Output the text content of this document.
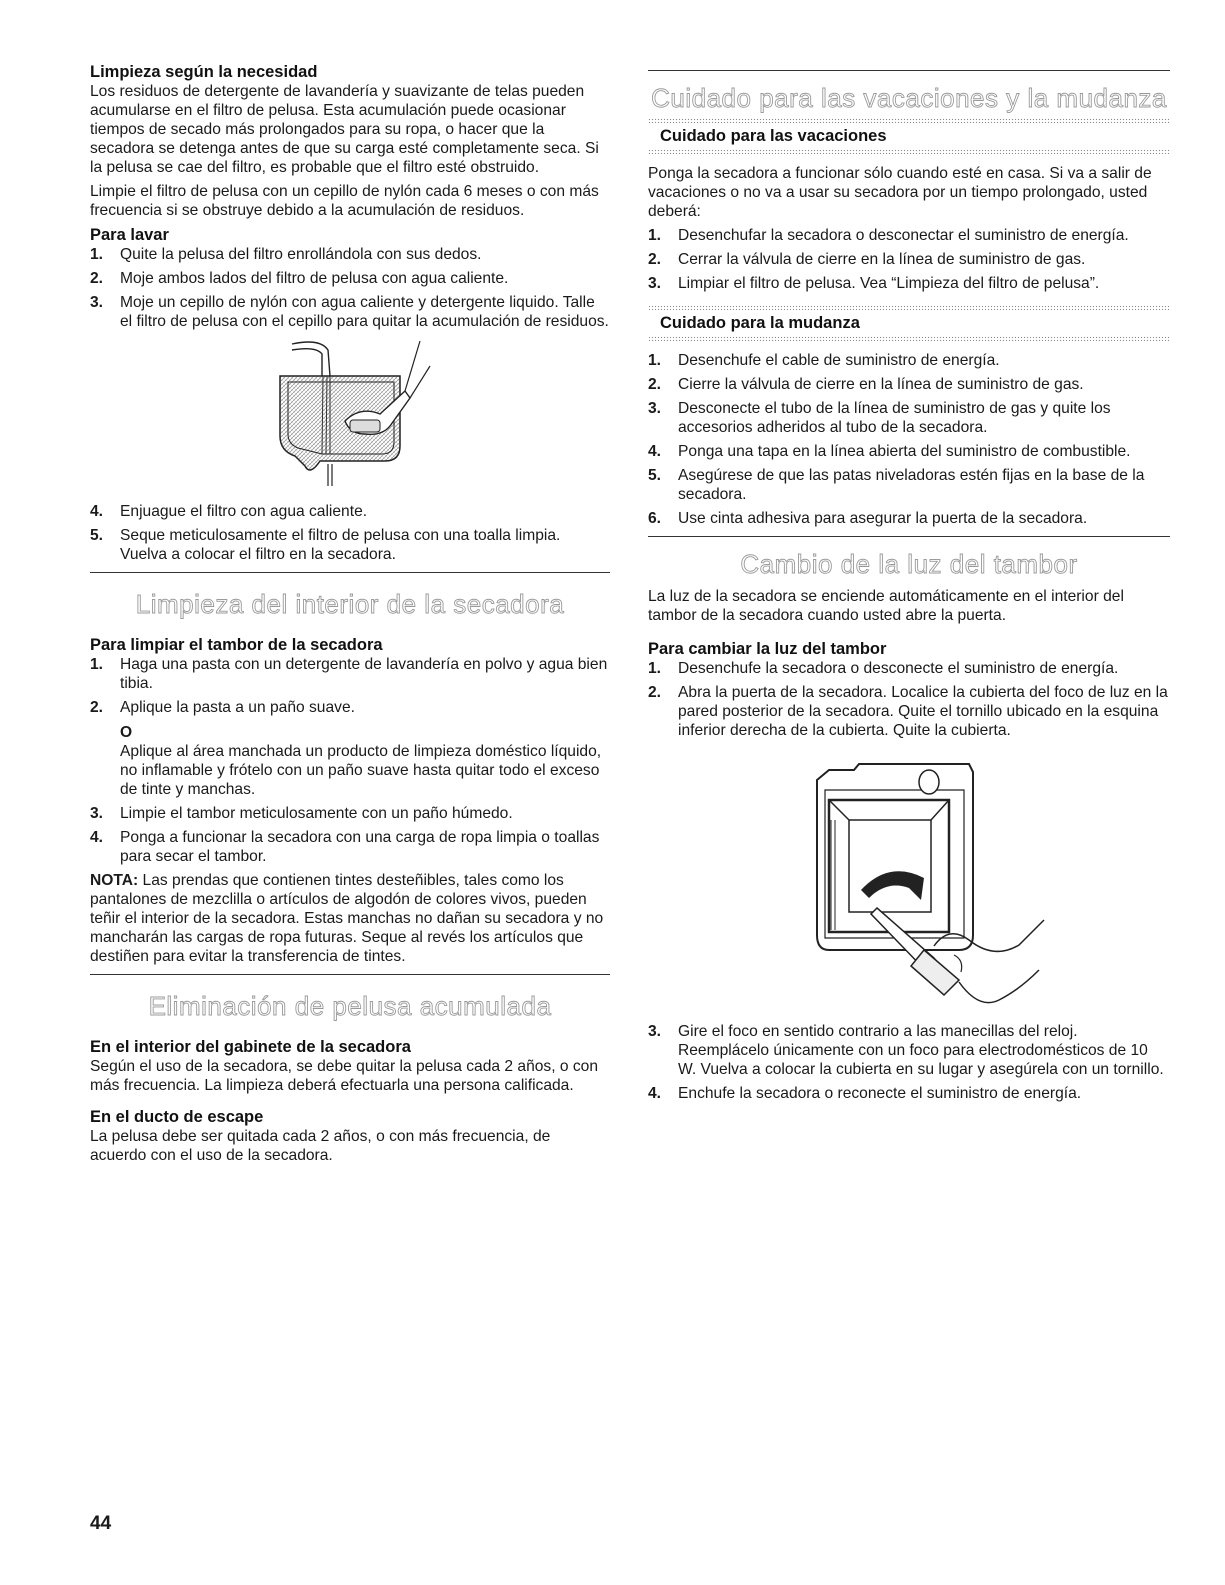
Limpieza según la necesidad

Los residuos de detergente de lavandería y suavizante de telas pueden acumularse en el filtro de pelusa. Esta acumulación puede ocasionar tiempos de secado más prolongados para su ropa, o hacer que la secadora se detenga antes de que su carga esté completamente seca. Si la pelusa se cae del filtro, es probable que el filtro esté obstruido.

Limpie el filtro de pelusa con un cepillo de nylón cada 6 meses o con más frecuencia si se obstruye debido a la acumulación de residuos.

Para lavar
1.	Quite la pelusa del filtro enrollándola con sus dedos.
2.	Moje ambos lados del filtro de pelusa con agua caliente.
3.	Moje un cepillo de nylón con agua caliente y detergente liquido. Talle el filtro de pelusa con el cepillo para quitar la acumulación de residuos.
4.	Enjuague el filtro con agua caliente.
5.	Seque meticulosamente el filtro de pelusa con una toalla limpia. Vuelva a colocar el filtro en la secadora.
Limpieza del interior de la secadora
Para limpiar el tambor de la secadora
1.	Haga una pasta con un detergente de lavandería en polvo y agua bien tibia.
2.	Aplique la pasta a un paño suave.
O
Aplique al área manchada un producto de limpieza doméstico líquido, no inflamable y frótelo con un paño suave hasta quitar todo el exceso de tinte y manchas.
3.	Limpie el tambor meticulosamente con un paño húmedo.
4.	Ponga a funcionar la secadora con una carga de ropa limpia o toallas para secar el tambor.

NOTA: Las prendas que contienen tintes desteñibles, tales como los pantalones de mezclilla o artículos de algodón de colores vivos, pueden teñir el interior de la secadora. Estas manchas no dañan su secadora y no mancharán las cargas de ropa futuras. Seque al revés los artículos que destiñen para evitar la transferencia de tintes.

Eliminación de pelusa acumulada
En el interior del gabinete de la secadora

Según el uso de la secadora, se debe quitar la pelusa cada 2 años, o con más frecuencia. La limpieza deberá efectuarla una persona calificada.

En el ducto de escape

La pelusa debe ser quitada cada 2 años, o con más frecuencia, de acuerdo con el uso de la secadora.

Cuidado para las vacaciones y la mudanza
Cuidado para las vacaciones

Ponga la secadora a funcionar sólo cuando esté en casa. Si va a salir de vacaciones o no va a usar su secadora por un tiempo prolongado, usted deberá:

1.	Desenchufar la secadora o desconectar el suministro de energía.
2.	Cerrar la válvula de cierre en la línea de suministro de gas.
3.	Limpiar el filtro de pelusa. Vea “Limpieza del filtro de pelusa”.
Cuidado para la mudanza
1.	Desenchufe el cable de suministro de energía.
2.	Cierre la válvula de cierre en la línea de suministro de gas.
3.	Desconecte el tubo de la línea de suministro de gas y quite los accesorios adheridos al tubo de la secadora.
4.	Ponga una tapa en la línea abierta del suministro de combustible.
5.	Asegúrese de que las patas niveladoras estén fijas en la base de la secadora.
6.	Use cinta adhesiva para asegurar la puerta de la secadora.
Cambio de la luz del tambor

La luz de la secadora se enciende automáticamente en el interior del tambor de la secadora cuando usted abre la puerta.

Para cambiar la luz del tambor
1.	Desenchufe la secadora o desconecte el suministro de energía.
2.	Abra la puerta de la secadora. Localice la cubierta del foco de luz en la pared posterior de la secadora. Quite el tornillo ubicado en la esquina inferior derecha de la cubierta. Quite la cubierta.
3.	Gire el foco en sentido contrario a las manecillas del reloj. Reemplácelo únicamente con un foco para electrodomésticos de 10 W. Vuelva a colocar la cubierta en su lugar y asegúrela con un tornillo.
4.	Enchufe la secadora o reconecte el suministro de energía.
44
